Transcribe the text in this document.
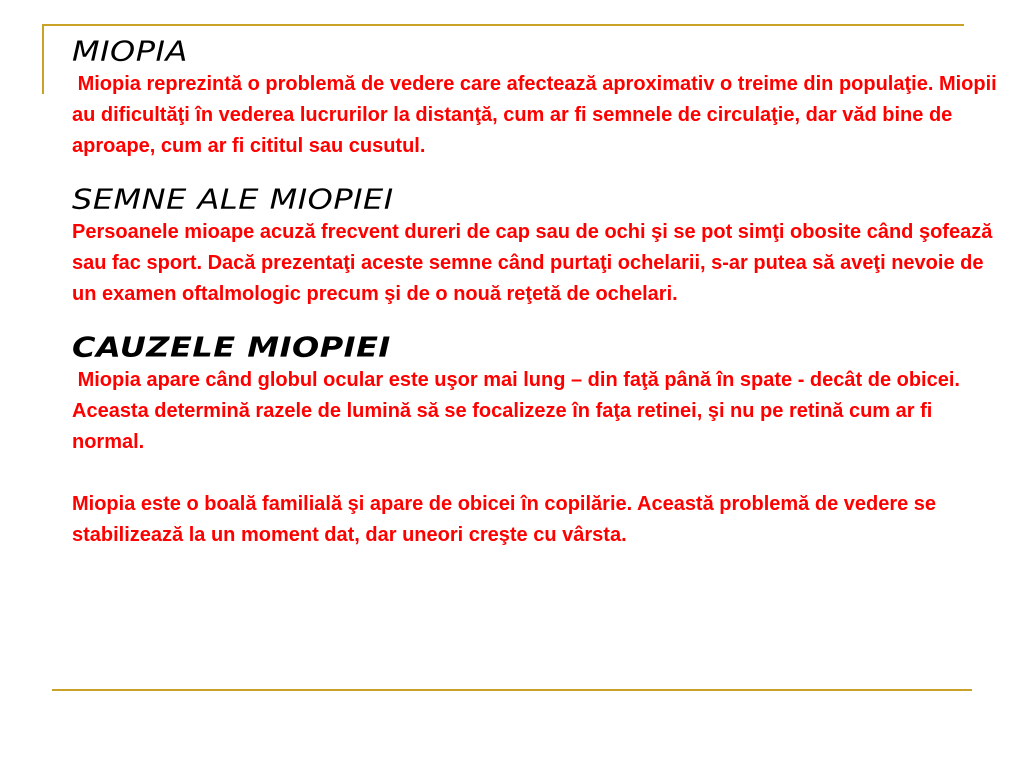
MIOPIA

Miopia reprezintă o problemă de vedere care afectează aproximativ o treime din populaţie. Miopii au dificultăţi în vederea lucrurilor la distanţă, cum ar fi semnele de circulaţie, dar văd bine de aproape, cum ar fi cititul sau cusutul.

SEMNE ALE MIOPIEI

Persoanele mioape acuză frecvent dureri de cap sau de ochi şi se pot simţi obosite când şofează sau fac sport. Dacă prezentaţi aceste semne când purtaţi ochelarii, s-ar putea să aveţi nevoie de un examen oftalmologic precum şi de o nouă reţetă de ochelari.

CAUZELE MIOPIEI

Miopia apare când globul ocular este uşor mai lung – din faţă până în spate - decât de obicei. Aceasta determină razele de lumină să se focalizeze în faţa retinei, şi nu pe retină cum ar fi normal.

Miopia este o boală familială şi apare de obicei în copilărie. Această problemă de vedere se stabilizează la un moment dat, dar uneori creşte cu vârsta.
